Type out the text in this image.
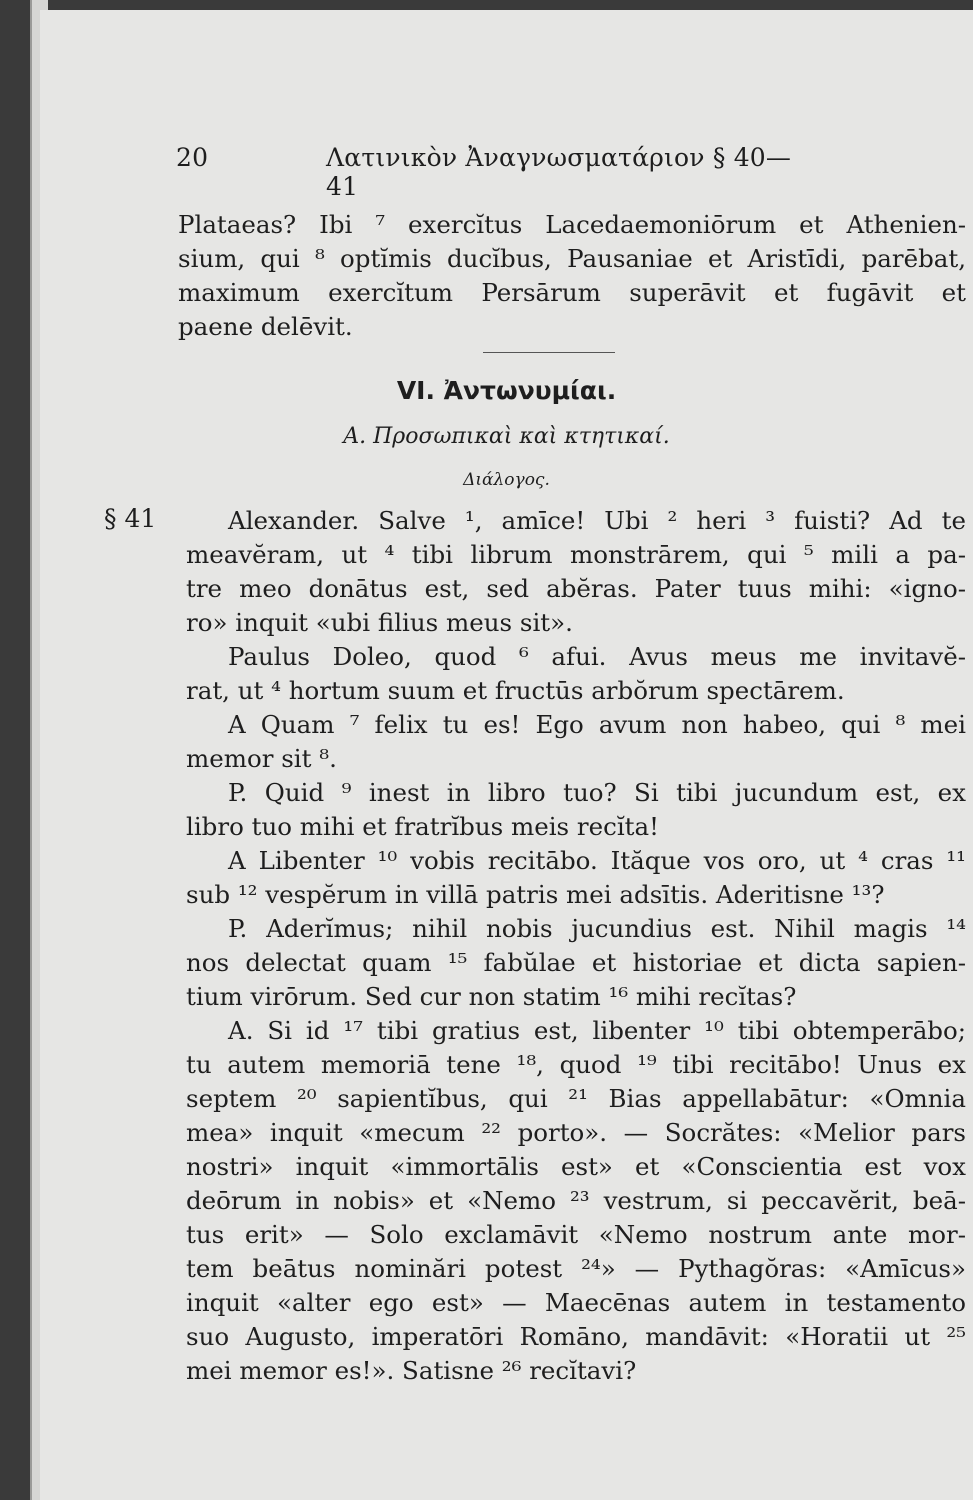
20	Λατινικὸν Ἀναγνωσματάριον § 40—41
Plataeas? Ibi ⁷ exercĭtus Lacedaemoniōrum et Athenien-
sium, qui ⁸ optĭmis ducĭbus, Pausaniae et Aristīdi, parēbat,
maximum exercĭtum Persārum superāvit et fugāvit et
paene delēvit.
VI. Ἀντωνυμίαι.
A. Προσωπικαὶ καὶ κτητικαί.
Διάλογος.
§ 41	Alexander. Salve ¹, amīce! Ubi ² heri ³ fuisti? Ad te
meavĕram, ut ⁴ tibi librum monstrārem, qui ⁵ mili a pa-
tre meo donātus est, sed abĕras. Pater tuus mihi: «igno-
ro» inquit «ubi filius meus sit».
Paulus Doleo, quod ⁶ afui. Avus meus me invitavĕ-
rat, ut ⁴ hortum suum et fructūs arbŏrum spectārem.
A Quam ⁷ felix tu es! Ego avum non habeo, qui ⁸ mei
memor sit ⁸.
P. Quid ⁹ inest in libro tuo? Si tibi jucundum est, ex
libro tuo mihi et fratrĭbus meis recĭta!
A Libenter ¹⁰ vobis recitābo. Ităque vos oro, ut ⁴ cras ¹¹
sub ¹² vespĕrum in villā patris mei adsītis. Aderitisne ¹³?
P. Aderĭmus; nihil nobis jucundius est. Nihil magis ¹⁴
nos delectat quam ¹⁵ fabŭlae et historiae et dicta sapien-
tium virōrum. Sed cur non statim ¹⁶ mihi recĭtas?
A. Si id ¹⁷ tibi gratius est, libenter ¹⁰ tibi obtemperābo;
tu autem memoriā tene ¹⁸, quod ¹⁹ tibi recitābo! Unus ex
septem ²⁰ sapientĭbus, qui ²¹ Bias appellabātur: «Omnia
mea» inquit «mecum ²² porto». — Socrătes: «Melior pars
nostri» inquit «immortālis est» et «Conscientia est vox
deōrum in nobis» et «Nemo ²³ vestrum, si peccavĕrit, beā-
tus erit» — Solo exclamāvit «Nemo nostrum ante mor-
tem beātus nominări potest ²⁴» — Pythagŏras: «Amīcus»
inquit «alter ego est» — Maecēnas autem in testamento
suo Augusto, imperatōri Romāno, mandāvit: «Horatii ut ²⁵
mei memor es!». Satisne ²⁶ recĭtavi?
